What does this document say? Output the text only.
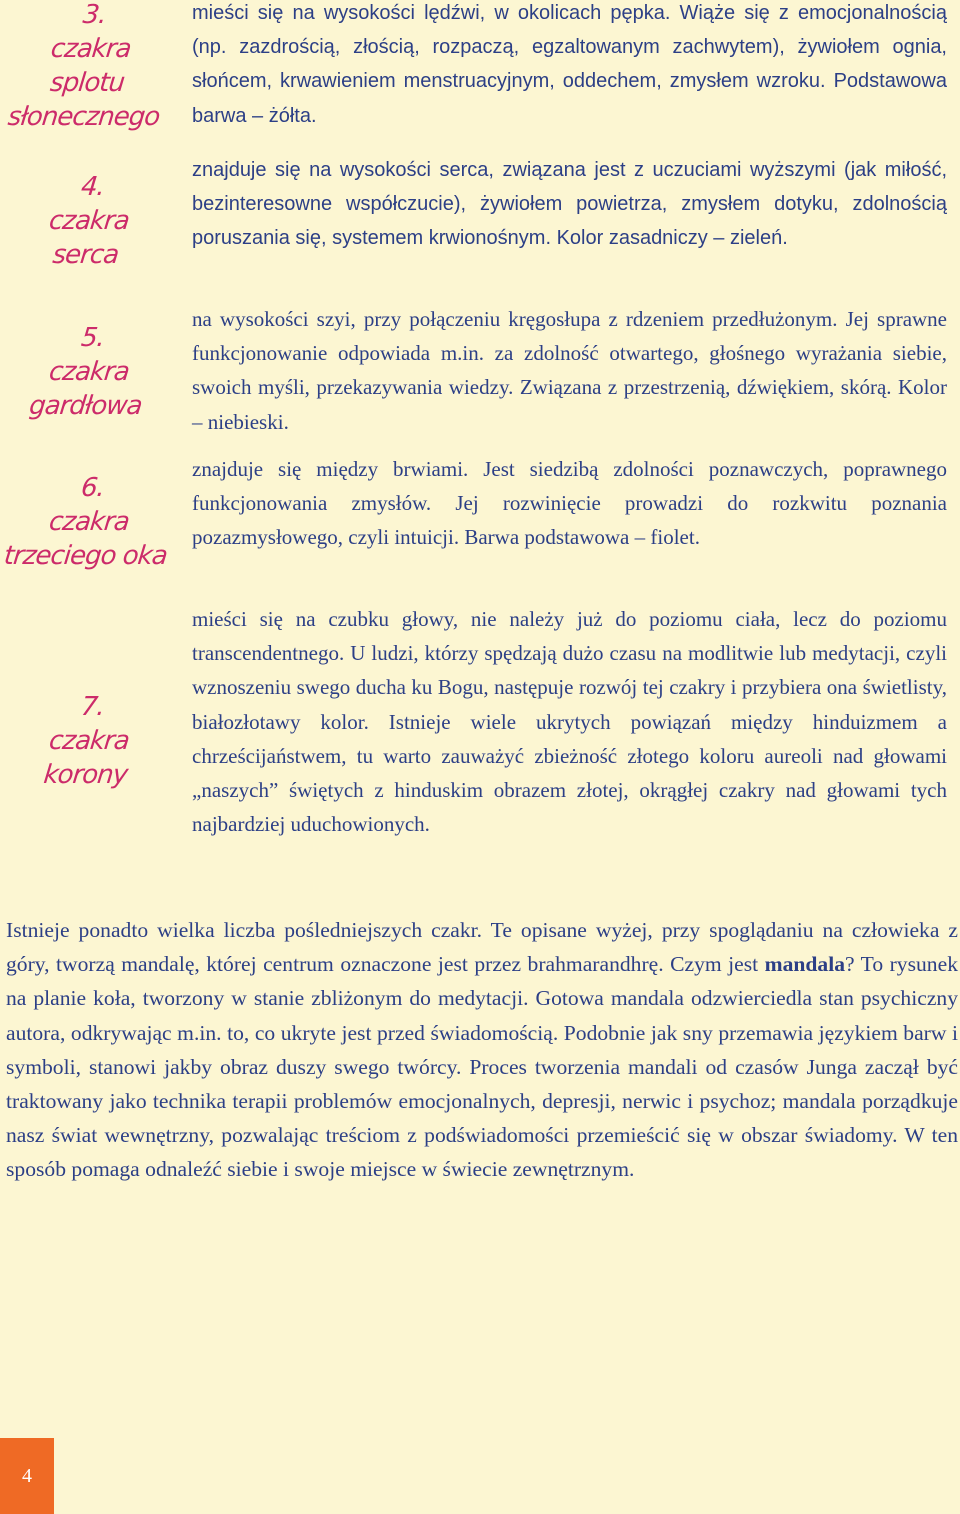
3.
czakra
splotu
słonecznego
4.
czakra
serca
5.
czakra
gardłowa
6.
czakra
trzeciego oka
7.
czakra
korony
mieści się na wysokości lędźwi, w okolicach pępka. Wiąże się z emocjonalnością (np. zazdrością, złością, rozpaczą, egzaltowanym zachwytem), żywiołem ognia, słońcem, krwawieniem menstruacyjnym, oddechem, zmysłem wzroku. Podstawowa barwa – żółta.
znajduje się na wysokości serca, związana jest z uczuciami wyższymi (jak miłość, bezinteresowne współczucie), żywiołem powietrza, zmysłem dotyku, zdolnością poruszania się, systemem krwionośnym. Kolor zasadniczy – zieleń.
na wysokości szyi, przy połączeniu kręgosłupa z rdzeniem przedłużonym. Jej sprawne funkcjonowanie odpowiada m.in. za zdolność otwartego, głośnego wyrażania siebie, swoich myśli, przekazywania wiedzy. Związana z przestrzenią, dźwiękiem, skórą. Kolor – niebieski.
znajduje się między brwiami. Jest siedzibą zdolności poznawczych, poprawnego funkcjonowania zmysłów. Jej rozwinięcie prowadzi do rozkwitu poznania pozazmysłowego, czyli intuicji. Barwa podstawowa – fiolet.
mieści się na czubku głowy, nie należy już do poziomu ciała, lecz do poziomu transcendentnego. U ludzi, którzy spędzają dużo czasu na modlitwie lub medytacji, czyli wznoszeniu swego ducha ku Bogu, następuje rozwój tej czakry i przybiera ona świetlisty, białozłotawy kolor. Istnieje wiele ukrytych powiązań między hinduizmem a chrześcijaństwem, tu warto zauważyć zbieżność złotego koloru aureoli nad głowami „naszych” świętych z hinduskim obrazem złotej, okrągłej czakry nad głowami tych najbardziej uduchowionych.
Istnieje ponadto wielka liczba pośledniejszych czakr. Te opisane wyżej, przy spoglądaniu na człowieka z góry, tworzą mandalę, której centrum oznaczone jest przez brahmarandhrę. Czym jest mandala? To rysunek na planie koła, tworzony w stanie zbliżonym do medytacji. Gotowa mandala odzwierciedla stan psychiczny autora, odkrywając m.in. to, co ukryte jest przed świadomością. Podobnie jak sny przemawia językiem barw i symboli, stanowi jakby obraz duszy swego twórcy. Proces tworzenia mandali od czasów Junga zaczął być traktowany jako technika terapii problemów emocjonalnych, depresji, nerwic i psychoz; mandala porządkuje nasz świat wewnętrzny, pozwalając treściom z podświadomości przemieścić się w obszar świadomy. W ten sposób pomaga odnaleźć siebie i swoje miejsce w świecie zewnętrznym.
4
